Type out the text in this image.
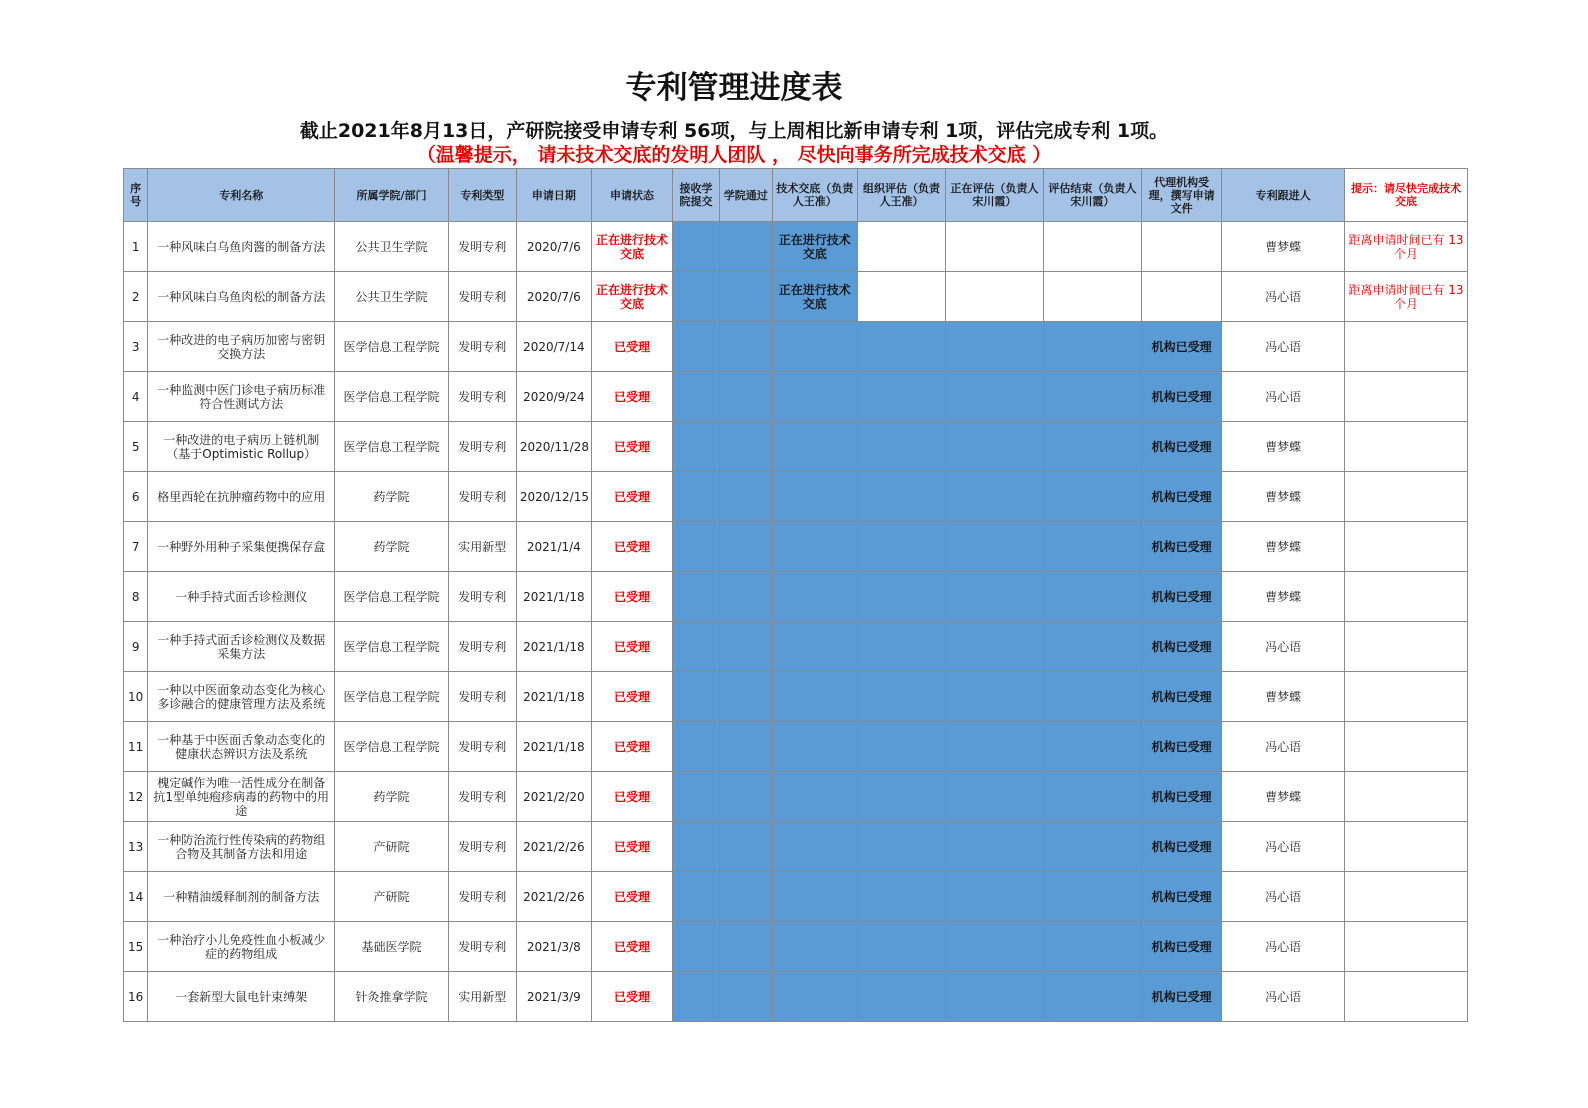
专利管理进度表
截止2021年8月13日，产研院接受申请专利 56项，与上周相比新申请专利 1项，评估完成专利 1项。
（温馨提示， 请未技术交底的发明人团队 ， 尽快向事务所完成技术交底 ）
序号	专利名称	所属学院/部门	专利类型	申请日期	申请状态	接收学院提交	学院通过	技术交底（负责人王准）	组织评估（负责人王准）	正在评估（负责人宋川霞）	评估结束（负责人宋川霞）	代理机构受理，撰写申请文件	专利跟进人	提示：请尽快完成技术交底
1	一种风味白乌鱼肉酱的制备方法	公共卫生学院	发明专利	2020/7/6	正在进行技术交底			正在进行技术交底					曹梦蝶	距离申请时间已有 13 个月
2	一种风味白乌鱼肉松的制备方法	公共卫生学院	发明专利	2020/7/6	正在进行技术交底			正在进行技术交底					冯心语	距离申请时间已有 13 个月
3	一种改进的电子病历加密与密钥交换方法	医学信息工程学院	发明专利	2020/7/14	已受理							机构已受理	冯心语	
4	一种监测中医门诊电子病历标准符合性测试方法	医学信息工程学院	发明专利	2020/9/24	已受理							机构已受理	冯心语	
5	一种改进的电子病历上链机制（基于Optimistic Rollup）	医学信息工程学院	发明专利	2020/11/28	已受理							机构已受理	曹梦蝶	
6	格里西轮在抗肿瘤药物中的应用	药学院	发明专利	2020/12/15	已受理							机构已受理	曹梦蝶	
7	一种野外用种子采集便携保存盒	药学院	实用新型	2021/1/4	已受理							机构已受理	曹梦蝶	
8	一种手持式面舌诊检测仪	医学信息工程学院	发明专利	2021/1/18	已受理							机构已受理	曹梦蝶	
9	一种手持式面舌诊检测仪及数据采集方法	医学信息工程学院	发明专利	2021/1/18	已受理							机构已受理	冯心语	
10	一种以中医面象动态变化为核心多诊融合的健康管理方法及系统	医学信息工程学院	发明专利	2021/1/18	已受理							机构已受理	曹梦蝶	
11	一种基于中医面舌象动态变化的健康状态辨识方法及系统	医学信息工程学院	发明专利	2021/1/18	已受理							机构已受理	冯心语	
12	槐定碱作为唯一活性成分在制备抗1型单纯疱疹病毒的药物中的用途	药学院	发明专利	2021/2/20	已受理							机构已受理	曹梦蝶	
13	一种防治流行性传染病的药物组合物及其制备方法和用途	产研院	发明专利	2021/2/26	已受理							机构已受理	冯心语	
14	一种精油缓释制剂的制备方法	产研院	发明专利	2021/2/26	已受理							机构已受理	冯心语	
15	一种治疗小儿免疫性血小板减少症的药物组成	基础医学院	发明专利	2021/3/8	已受理							机构已受理	冯心语	
16	一套新型大鼠电针束缚架	针灸推拿学院	实用新型	2021/3/9	已受理							机构已受理	冯心语	
